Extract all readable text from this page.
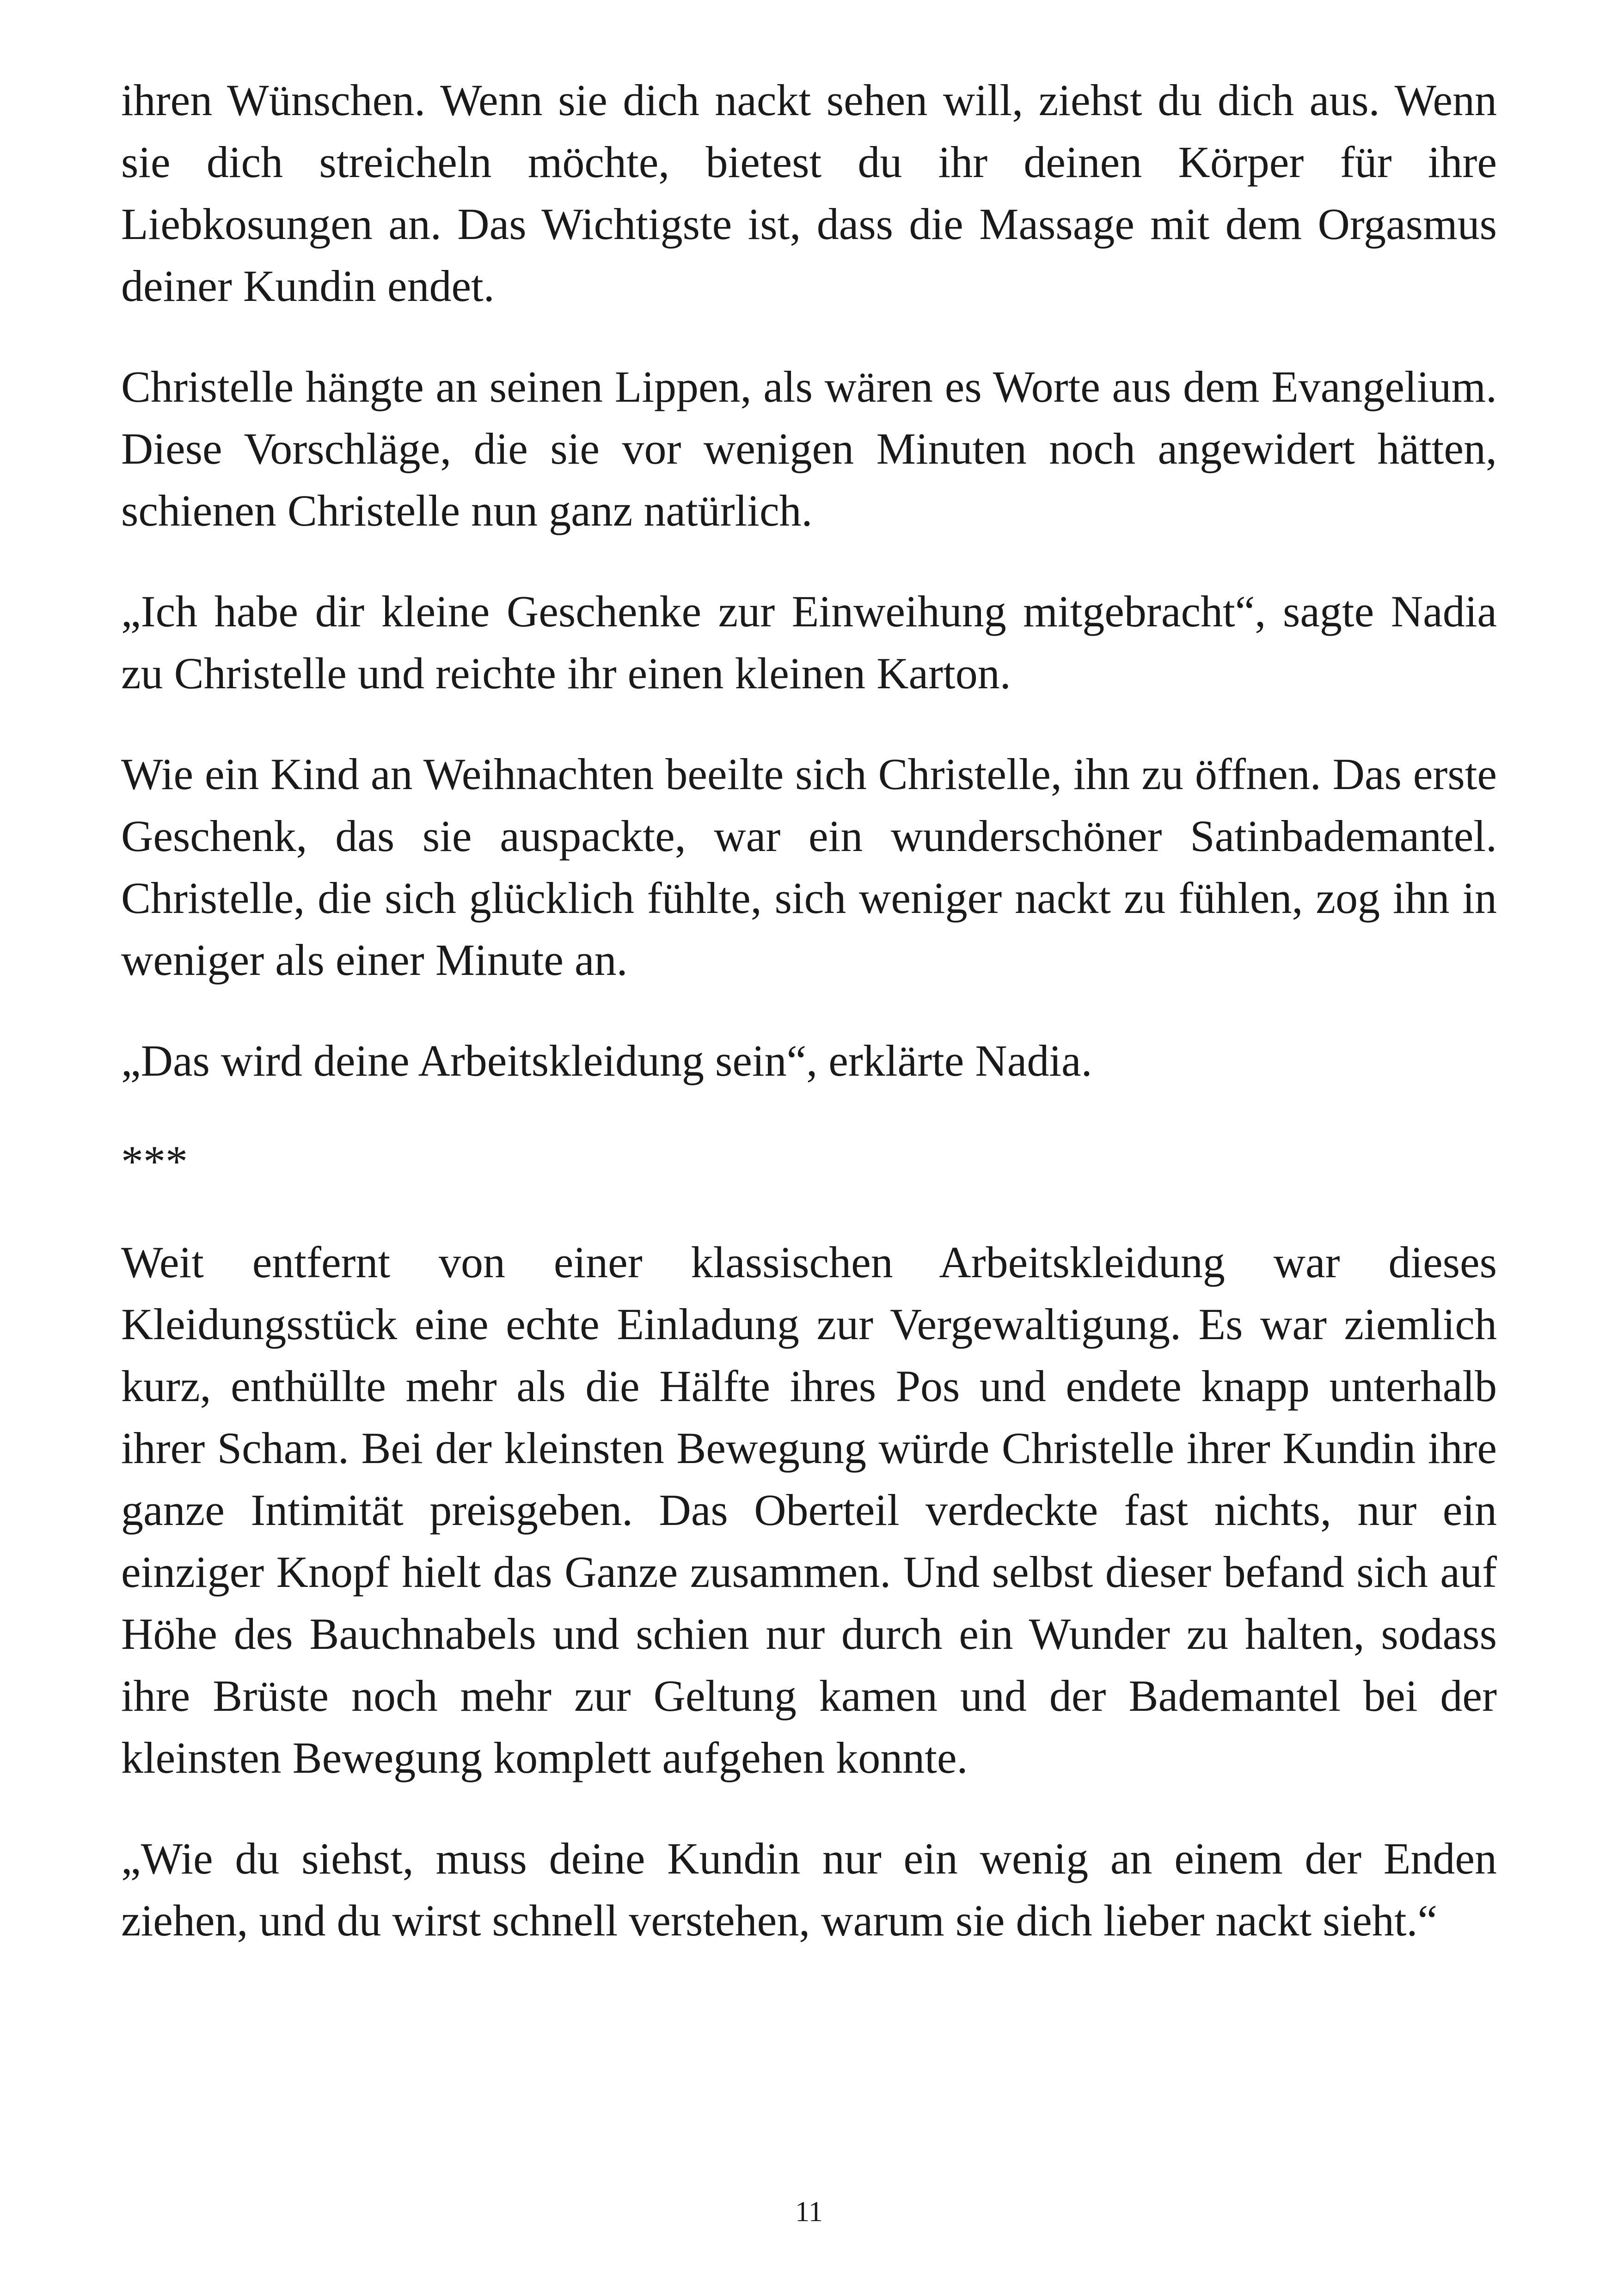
ihren Wünschen. Wenn sie dich nackt sehen will, ziehst du dich aus. Wenn sie dich streicheln möchte, bietest du ihr deinen Körper für ihre Liebkosungen an. Das Wichtigste ist, dass die Massage mit dem Orgasmus deiner Kundin endet.

Christelle hängte an seinen Lippen, als wären es Worte aus dem Evangelium. Diese Vorschläge, die sie vor wenigen Minuten noch angewidert hätten, schienen Christelle nun ganz natürlich.

„Ich habe dir kleine Geschenke zur Einweihung mitgebracht“, sagte Nadia zu Christelle und reichte ihr einen kleinen Karton.

Wie ein Kind an Weihnachten beeilte sich Christelle, ihn zu öffnen. Das erste Geschenk, das sie auspackte, war ein wunderschöner Satinbademantel. Christelle, die sich glücklich fühlte, sich weniger nackt zu fühlen, zog ihn in weniger als einer Minute an.

„Das wird deine Arbeitskleidung sein“, erklärte Nadia.

***

Weit entfernt von einer klassischen Arbeitskleidung war dieses Kleidungsstück eine echte Einladung zur Vergewaltigung. Es war ziemlich kurz, enthüllte mehr als die Hälfte ihres Pos und endete knapp unterhalb ihrer Scham. Bei der kleinsten Bewegung würde Christelle ihrer Kundin ihre ganze Intimität preisgeben. Das Oberteil verdeckte fast nichts, nur ein einziger Knopf hielt das Ganze zusammen. Und selbst dieser befand sich auf Höhe des Bauchnabels und schien nur durch ein Wunder zu halten, sodass ihre Brüste noch mehr zur Geltung kamen und der Bademantel bei der kleinsten Bewegung komplett aufgehen konnte.

„Wie du siehst, muss deine Kundin nur ein wenig an einem der Enden ziehen, und du wirst schnell verstehen, warum sie dich lieber nackt sieht.“

11
